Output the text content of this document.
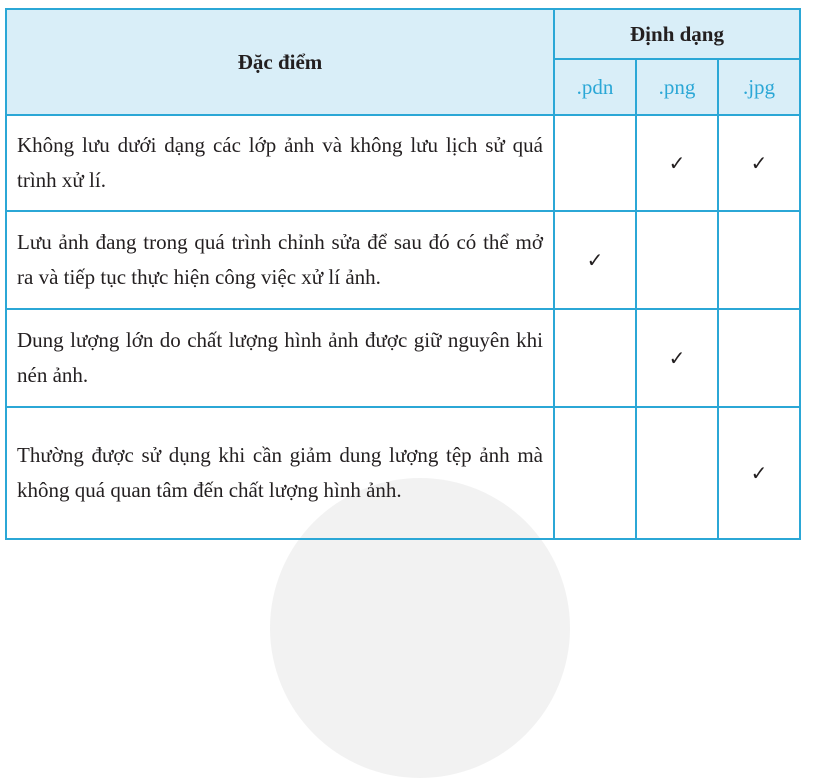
Đặc điểm	Định dạng		
	.pdn	.png	.jpg
Không lưu dưới dạng các lớp ảnh và không lưu lịch sử quá trình xử lí.		✓	✓
Lưu ảnh đang trong quá trình chỉnh sửa để sau đó có thể mở ra và tiếp tục thực hiện công việc xử lí ảnh.	✓		
Dung lượng lớn do chất lượng hình ảnh được giữ nguyên khi nén ảnh.		✓	
Thường được sử dụng khi cần giảm dung lượng tệp ảnh mà không quá quan tâm đến chất lượng hình ảnh.			✓
